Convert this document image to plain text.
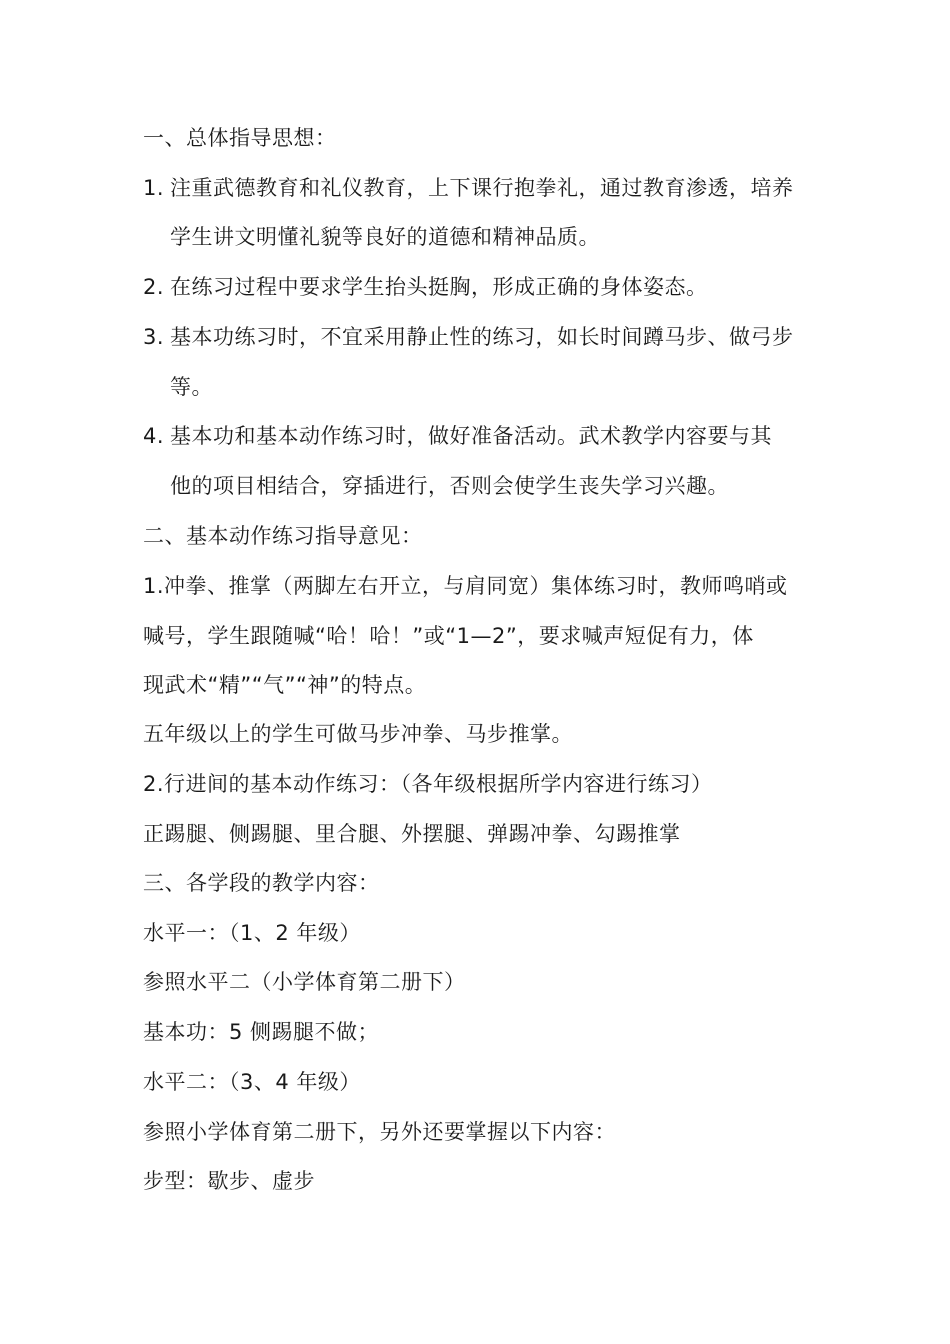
一、总体指导思想：
1. 注重武德教育和礼仪教育，上下课行抱拳礼，通过教育渗透，培养
学生讲文明懂礼貌等良好的道德和精神品质。
2. 在练习过程中要求学生抬头挺胸，形成正确的身体姿态。
3. 基本功练习时，不宜采用静止性的练习，如长时间蹲马步、做弓步
等。
4. 基本功和基本动作练习时，做好准备活动。武术教学内容要与其
他的项目相结合，穿插进行，否则会使学生丧失学习兴趣。
二、基本动作练习指导意见：
1.冲拳、推掌（两脚左右开立，与肩同宽）集体练习时，教师鸣哨或
喊号，学生跟随喊“哈！哈！”或“1—2”，要求喊声短促有力，体
现武术“精”“气”“神”的特点。
五年级以上的学生可做马步冲拳、马步推掌。
2.行进间的基本动作练习：（各年级根据所学内容进行练习）
正踢腿、侧踢腿、里合腿、外摆腿、弹踢冲拳、勾踢推掌
三、各学段的教学内容：
水平一：（1、2 年级）
参照水平二（小学体育第二册下）
基本功：5 侧踢腿不做；
水平二：（3、4 年级）
参照小学体育第二册下，另外还要掌握以下内容：
步型：歇步、虚步
